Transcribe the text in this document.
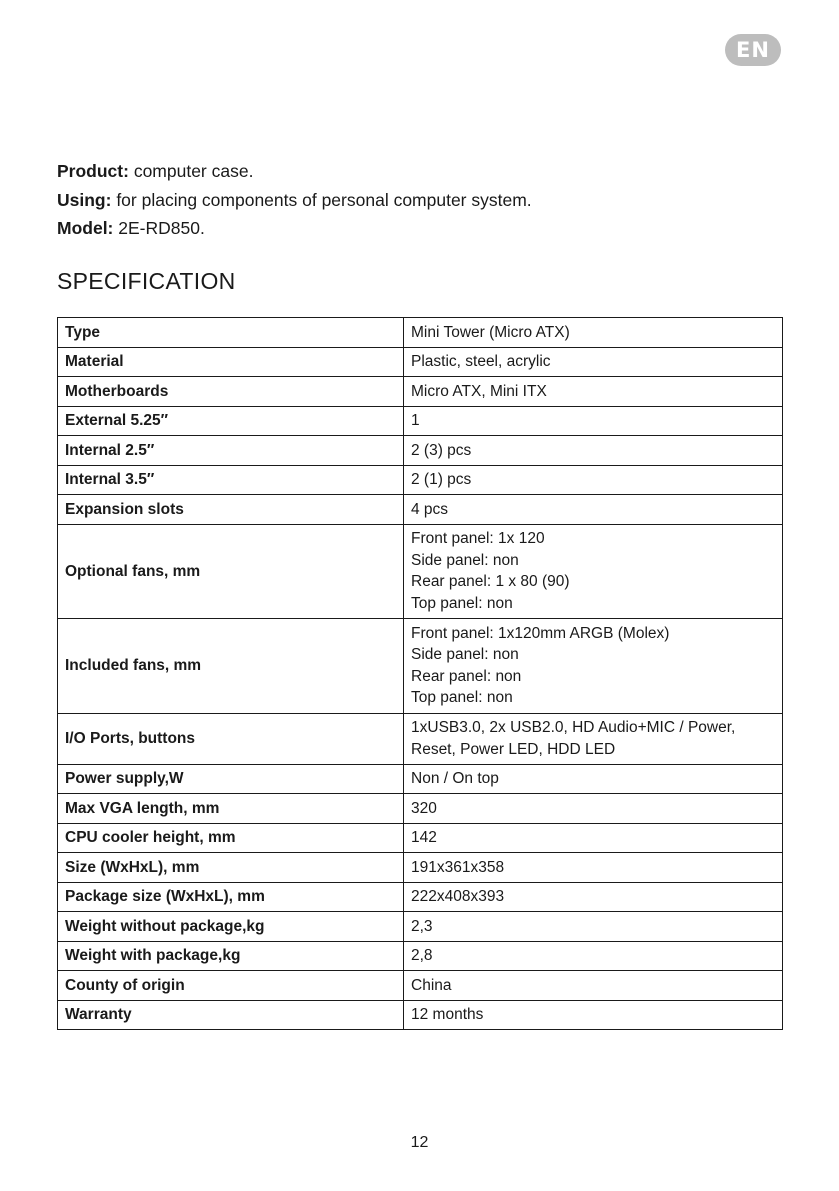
EN
Product: computer case.
Using: for placing components of personal computer system.
Model: 2E-RD850.
SPECIFICATION
Type	Mini Tower (Micro ATX)

Material	Plastic, steel, acrylic

Motherboards	Micro ATX, Mini ITX

External 5.25″	1

Internal 2.5″	2 (3) pcs

Internal 3.5″	2 (1) pcs

Expansion slots	4 pcs

Optional fans, mm	Front panel: 1x 120
Side panel: non
Rear panel: 1 x 80 (90)
Top panel: non

Included fans, mm	Front panel: 1x120mm ARGB (Molex)
Side panel: non
Rear panel: non
Top panel: non

I/O Ports, buttons	1xUSB3.0, 2x USB2.0, HD Audio+MIC / Power,
Reset, Power LED, HDD LED

Power supply,W	Non / On top

Max VGA length, mm	320

CPU cooler height, mm	142

Size (WxHxL), mm	191x361x358

Package size (WxHxL), mm	222x408x393

Weight without package,kg	2,3

Weight with package,kg	2,8

County of origin	China

Warranty	12 months
12
